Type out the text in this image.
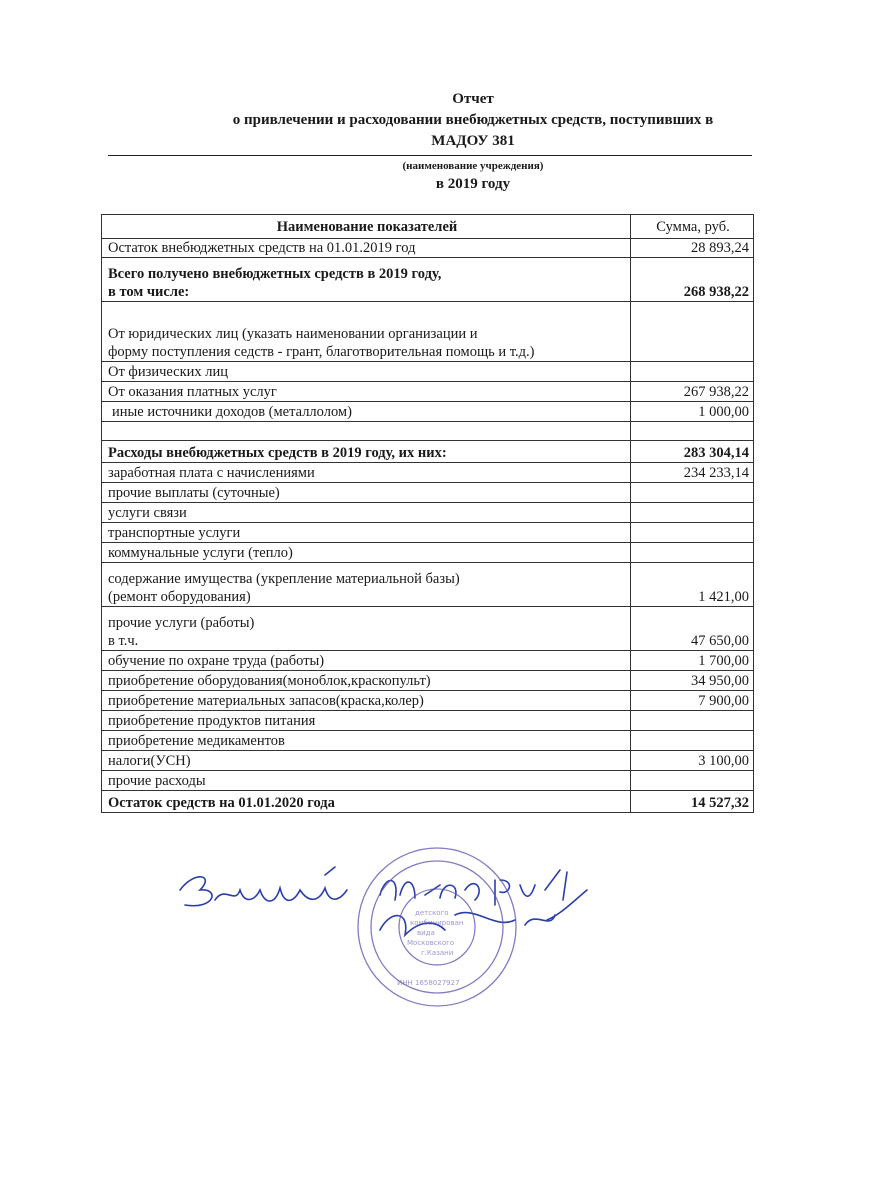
Отчет
о привлечении и расходовании внебюджетных средств, поступивших в
МАДОУ 381
(наименование учреждения)
в 2019 году
Наименование показателей	Сумма, руб.

Остаток внебюджетных средств на 01.01.2019 год	28 893,24

Всего получено внебюджетных средств в 2019 году,
в том числе:	268 938,22

От юридических лиц (указать наименовании организации и
форму поступления седств - грант, благотворительная помощь и т.д.)	

От физических лиц	

От оказания платных услуг	267 938,22

иные источники доходов (металлолом)	1 000,00

Расходы внебюджетных средств в 2019 году, их них:	283 304,14

заработная плата с начислениями	234 233,14

прочие выплаты (суточные)	

услуги связи	

транспортные услуги	

коммунальные услуги (тепло)	

содержание имущества (укрепление материальной базы)
(ремонт оборудования)	1 421,00

прочие услуги (работы)
в т.ч.	47 650,00

обучение по охране труда (работы)	1 700,00

приобретение оборудования(моноблок,краскопульт)	34 950,00

приобретение материальных запасов(краска,колер)	7 900,00

приобретение продуктов питания	

приобретение медикаментов	

налоги(УСН)	3 100,00

прочие расходы	

Остаток средств на 01.01.2020 года	14 527,32
детского
комбинирован
вида
Московского
г.Казани
ИНН 1658027927
